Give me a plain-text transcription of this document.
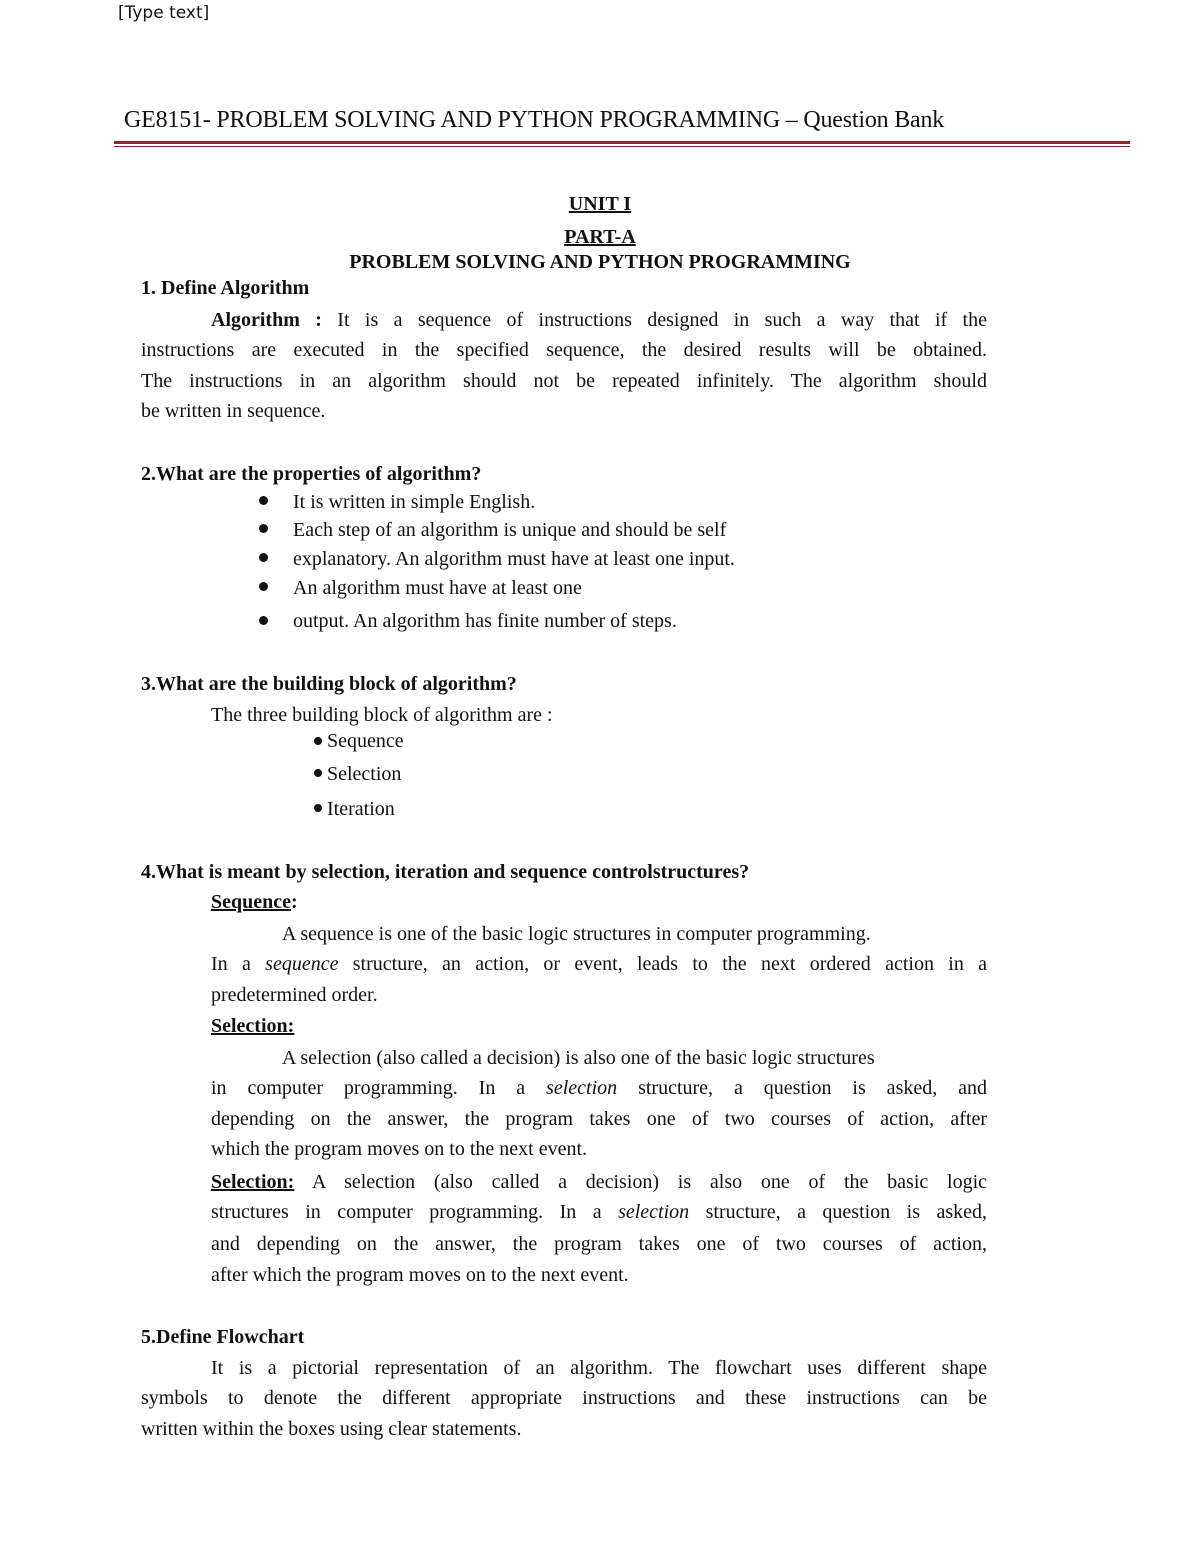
[Type text]
GE8151- PROBLEM SOLVING AND PYTHON PROGRAMMING – Question Bank
UNIT I
PART-A
PROBLEM SOLVING AND PYTHON PROGRAMMING
1. Define Algorithm
Algorithm : It is a sequence of instructions designed in such a way that if the
instructions are executed in the specified sequence, the desired results will be obtained.
The instructions in an algorithm should not be repeated infinitely. The algorithm should
be written in sequence.
2.What are the properties of algorithm?
It is written in simple English.
Each step of an algorithm is unique and should be self
explanatory. An algorithm must have at least one input.
An algorithm must have at least one
output. An algorithm has finite number of steps.
3.What are the building block of algorithm?
The three building block of algorithm are :
Sequence
Selection
Iteration
4.What is meant by selection, iteration and sequence controlstructures?
Sequence:
A sequence is one of the basic logic structures in computer programming.
In a sequence structure, an action, or event, leads to the next ordered action in a
predetermined order.
Selection:
A selection (also called a decision) is also one of the basic logic structures
in computer programming. In a selection structure, a question is asked, and
depending on the answer, the program takes one of two courses of action, after
which the program moves on to the next event.
Selection: A selection (also called a decision) is also one of the basic logic
structures in computer programming. In a selection structure, a question is asked,
and depending on the answer, the program takes one of two courses of action,
after which the program moves on to the next event.
5.Define Flowchart
It is a pictorial representation of an algorithm. The flowchart uses different shape
symbols to denote the different appropriate instructions and these instructions can be
written within the boxes using clear statements.
